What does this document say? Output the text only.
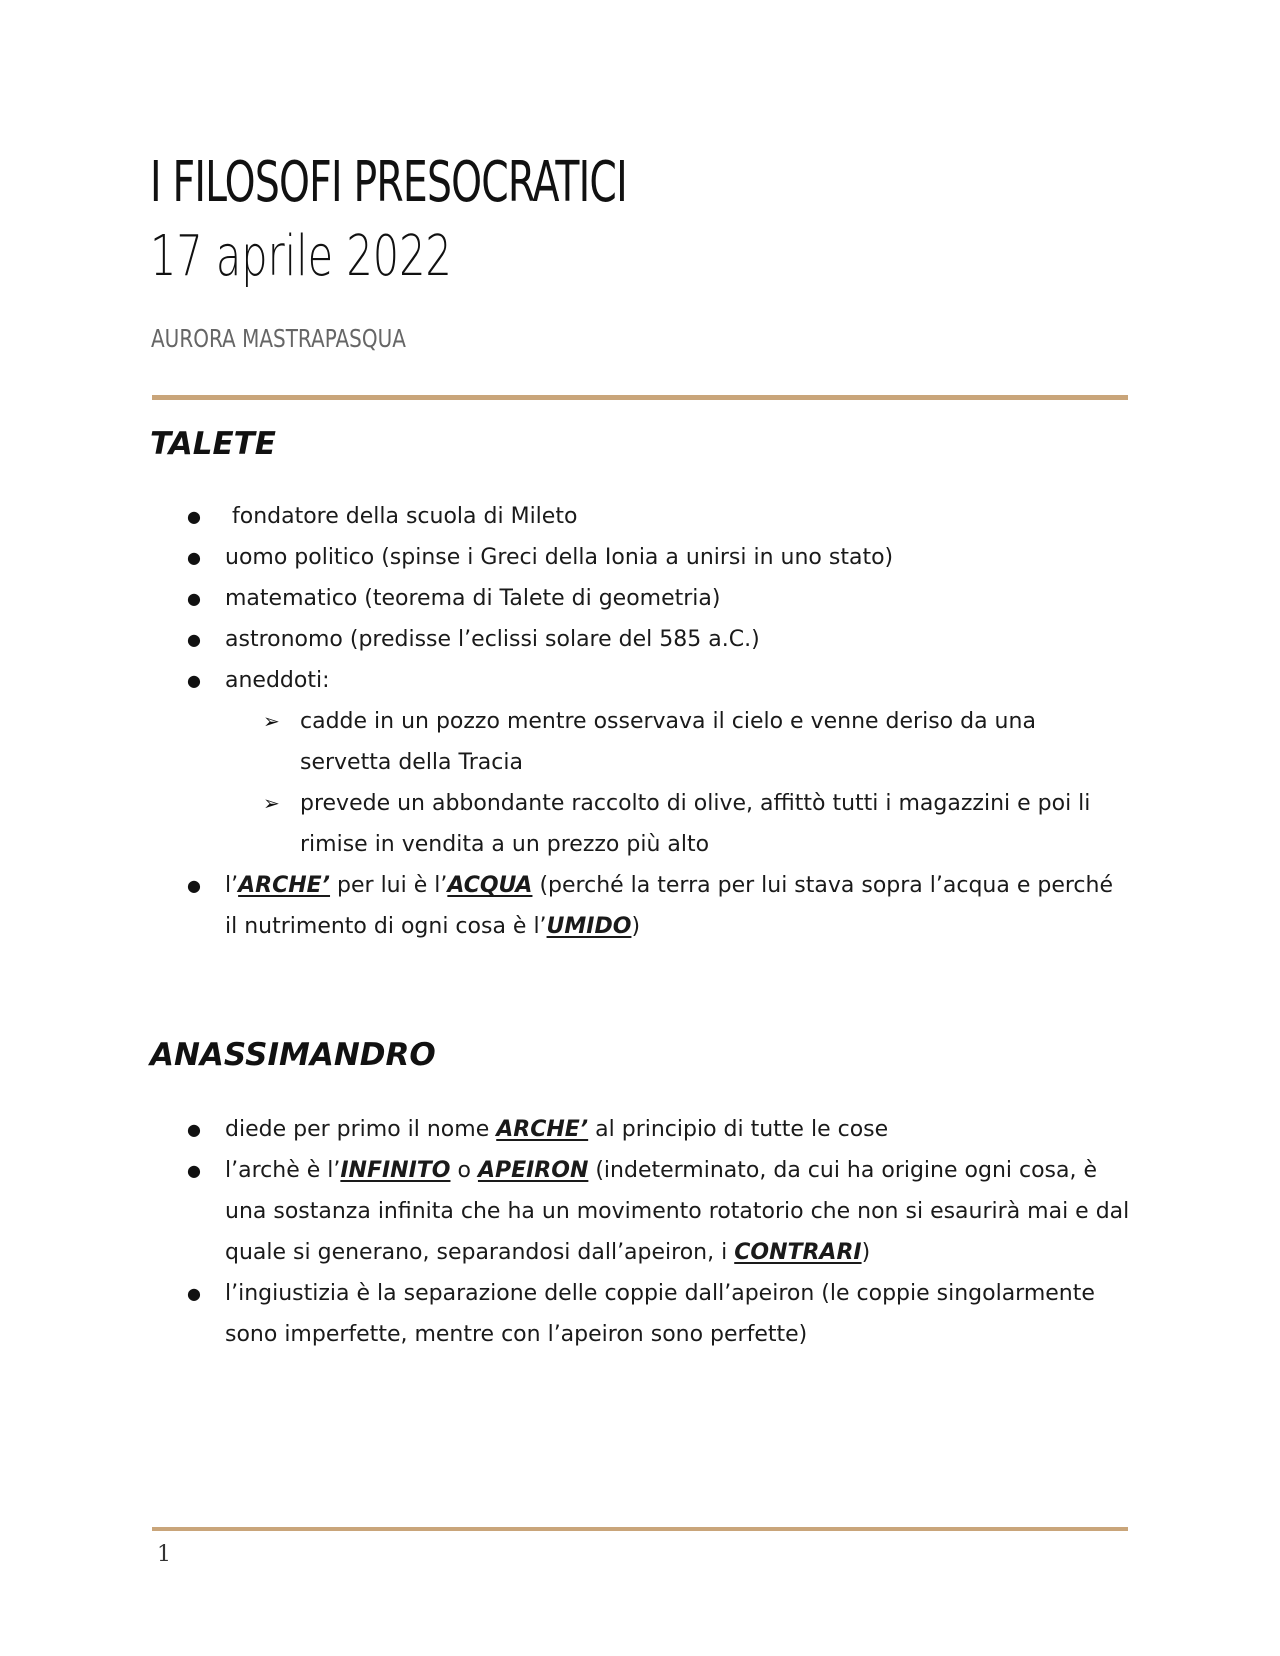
I FILOSOFI PRESOCRATICI
17 aprile 2022
AURORA MASTRAPASQUA
TALETE
● fondatore della scuola di Mileto
● uomo politico (spinse i Greci della Ionia a unirsi in uno stato)
● matematico (teorema di Talete di geometria)
● astronomo (predisse l’eclissi solare del 585 a.C.)
● aneddoti:
➢ cadde in un pozzo mentre osservava il cielo e venne deriso da una servetta della Tracia
➢ prevede un abbondante raccolto di olive, affittò tutti i magazzini e poi li rimise in vendita a un prezzo più alto
● l’ARCHE’ per lui è l’ACQUA (perché la terra per lui stava sopra l’acqua e perché il nutrimento di ogni cosa è l’UMIDO)
ANASSIMANDRO
● diede per primo il nome ARCHE’ al principio di tutte le cose
● l’archè è l’INFINITO o APEIRON (indeterminato, da cui ha origine ogni cosa, è una sostanza infinita che ha un movimento rotatorio che non si esaurirà mai e dal quale si generano, separandosi dall’apeiron, i CONTRARI)
● l’ingiustizia è la separazione delle coppie dall’apeiron (le coppie singolarmente sono imperfette, mentre con l’apeiron sono perfette)
1
